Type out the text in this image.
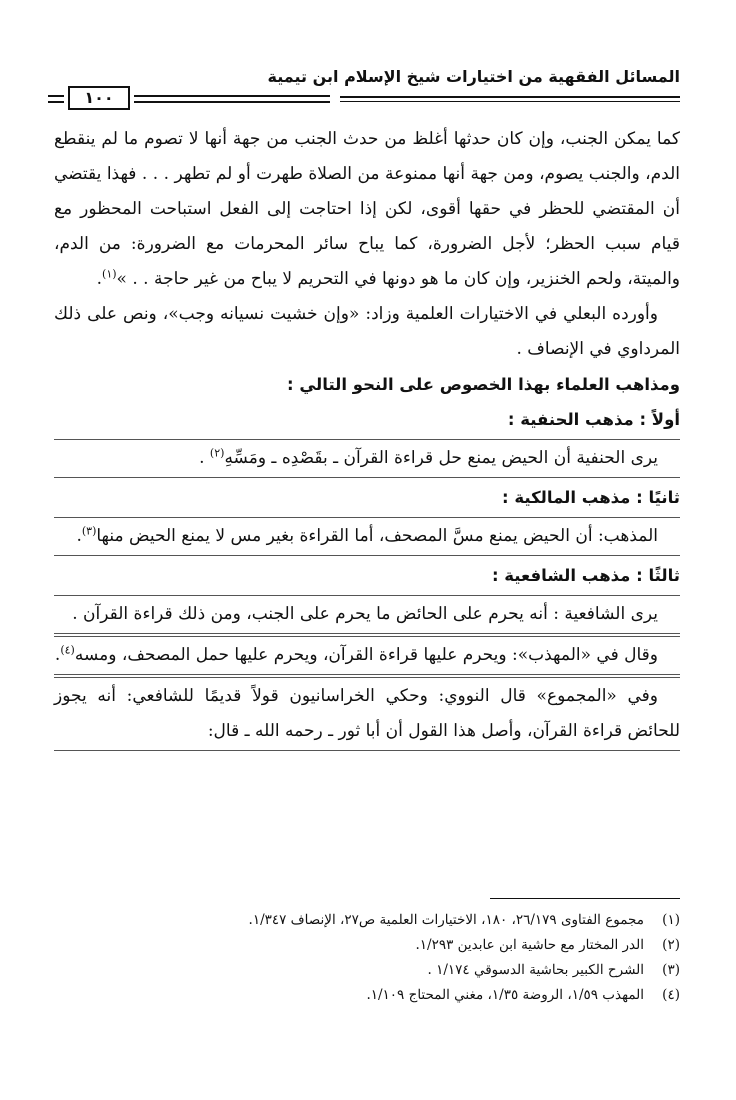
١٠٠
المسائل الفقهية من اختيارات شيخ الإسلام ابن تيمية

كما يمكن الجنب، وإن كان حدثها أغلظ من حدث الجنب من جهة أنها لا تصوم ما لم ينقطع الدم، والجنب يصوم، ومن جهة أنها ممنوعة من الصلاة طهرت أو لم تطهر . . . فهذا يقتضي أن المقتضي للحظر في حقها أقوى، لكن إذا احتاجت إلى الفعل استباحت المحظور مع قيام سبب الحظر؛ لأجل الضرورة، كما يباح سائر المحرمات مع الضرورة: من الدم، والميتة، ولحم الخنزير، وإن كان ما هو دونها في التحريم لا يباح من غير حاجة . . »$^{(١)}$.

وأورده البعلي في الاختيارات العلمية وزاد: «وإن خشيت نسيانه وجب»، ونص على ذلك المرداوي في الإنصاف .

ومذاهب العلماء بهذا الخصوص على النحو التالي :

أولاً : مذهب الحنفية :

يرى الحنفية أن الحيض يمنع حل قراءة القرآن ـ بقَصْدِه ـ ومَسِّهِ$^{(٢)}$ .

ثانيًا : مذهب المالكية :

المذهب: أن الحيض يمنع مسَّ المصحف، أما القراءة بغير مس لا يمنع الحيض منها$^{(٣)}$.

ثالثًا : مذهب الشافعية :

يرى الشافعية : أنه يحرم على الحائض ما يحرم على الجنب، ومن ذلك قراءة القرآن .

وقال في «المهذب»: ويحرم عليها قراءة القرآن، ويحرم عليها حمل المصحف، ومسه$^{(٤)}$.

وفي «المجموع» قال النووي: وحكي الخراسانيون قولاً قديمًا للشافعي: أنه يجوز للحائض قراءة القرآن، وأصل هذا القول أن أبا ثور ـ رحمه الله ـ قال:

(١)مجموع الفتاوى ٢٦/١٧٩، ١٨٠، الاختيارات العلمية ص٢٧، الإنصاف ١/٣٤٧.
(٢)الدر المختار مع حاشية ابن عابدين ١/٢٩٣.
(٣)الشرح الكبير بحاشية الدسوقي ١/١٧٤ .
(٤)المهذب ١/٥٩، الروضة ١/٣٥، مغني المحتاج ١/١٠٩.
